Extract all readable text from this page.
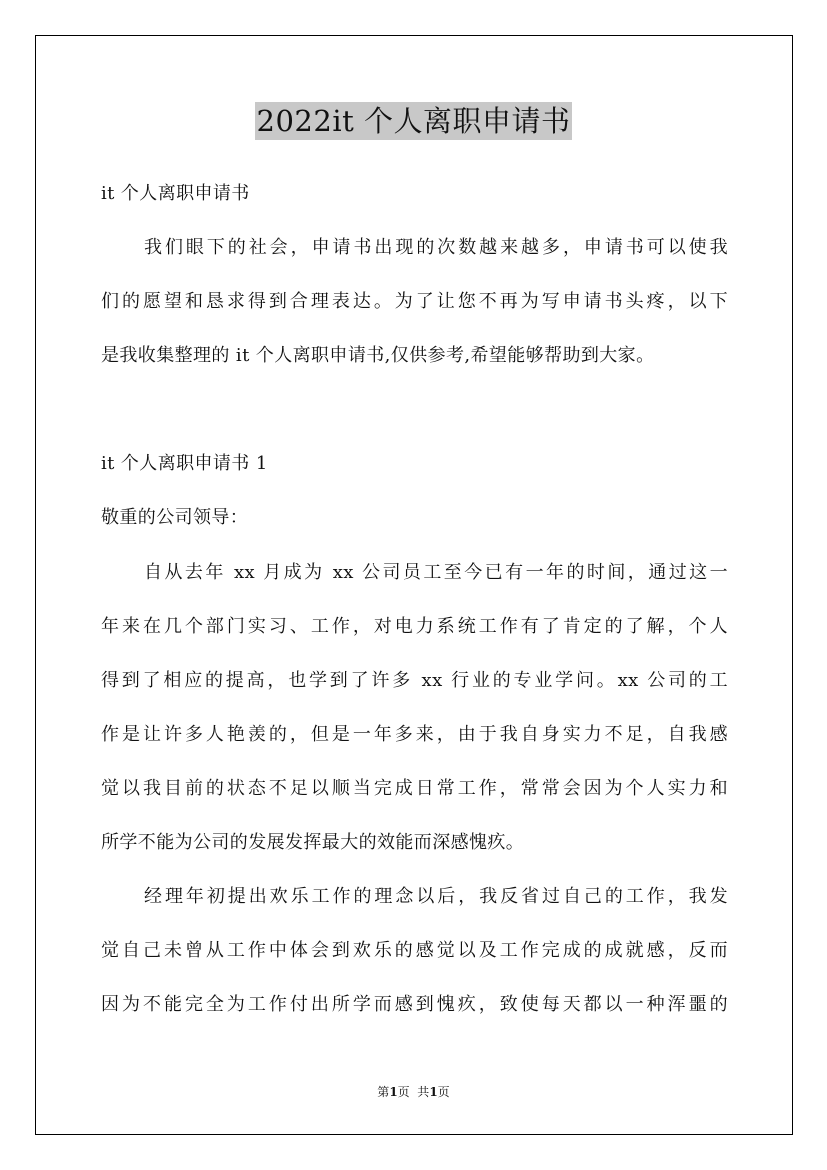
2022it 个人离职申请书
it 个人离职申请书
我们眼下的社会，申请书出现的次数越来越多，申请书可以使我
们的愿望和恳求得到合理表达。为了让您不再为写申请书头疼，以下
是我收集整理的 it 个人离职申请书,仅供参考,希望能够帮助到大家。
it 个人离职申请书 1
敬重的公司领导：
自从去年 xx 月成为 xx 公司员工至今已有一年的时间，通过这一
年来在几个部门实习、工作，对电力系统工作有了肯定的了解，个人
得到了相应的提高，也学到了许多 xx 行业的专业学问。xx 公司的工
作是让许多人艳羡的，但是一年多来，由于我自身实力不足，自我感
觉以我目前的状态不足以顺当完成日常工作，常常会因为个人实力和
所学不能为公司的发展发挥最大的效能而深感愧疚。
经理年初提出欢乐工作的理念以后，我反省过自己的工作，我发
觉自己未曾从工作中体会到欢乐的感觉以及工作完成的成就感，反而
因为不能完全为工作付出所学而感到愧疚，致使每天都以一种浑噩的
第1页  共1页
